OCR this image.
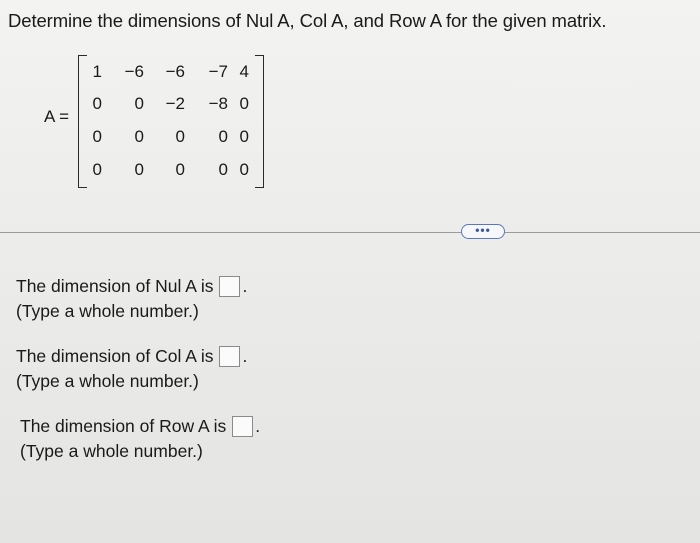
Determine the dimensions of Nul A, Col A, and Row A for the given matrix.
A =
1	−6	−6	−7 4
0	0	−2	−8 0
0	0	0	0 0
0	0	0	0 0
•••
The dimension of Nul A is .
(Type a whole number.)
The dimension of Col A is .
(Type a whole number.)
The dimension of Row A is .
(Type a whole number.)
